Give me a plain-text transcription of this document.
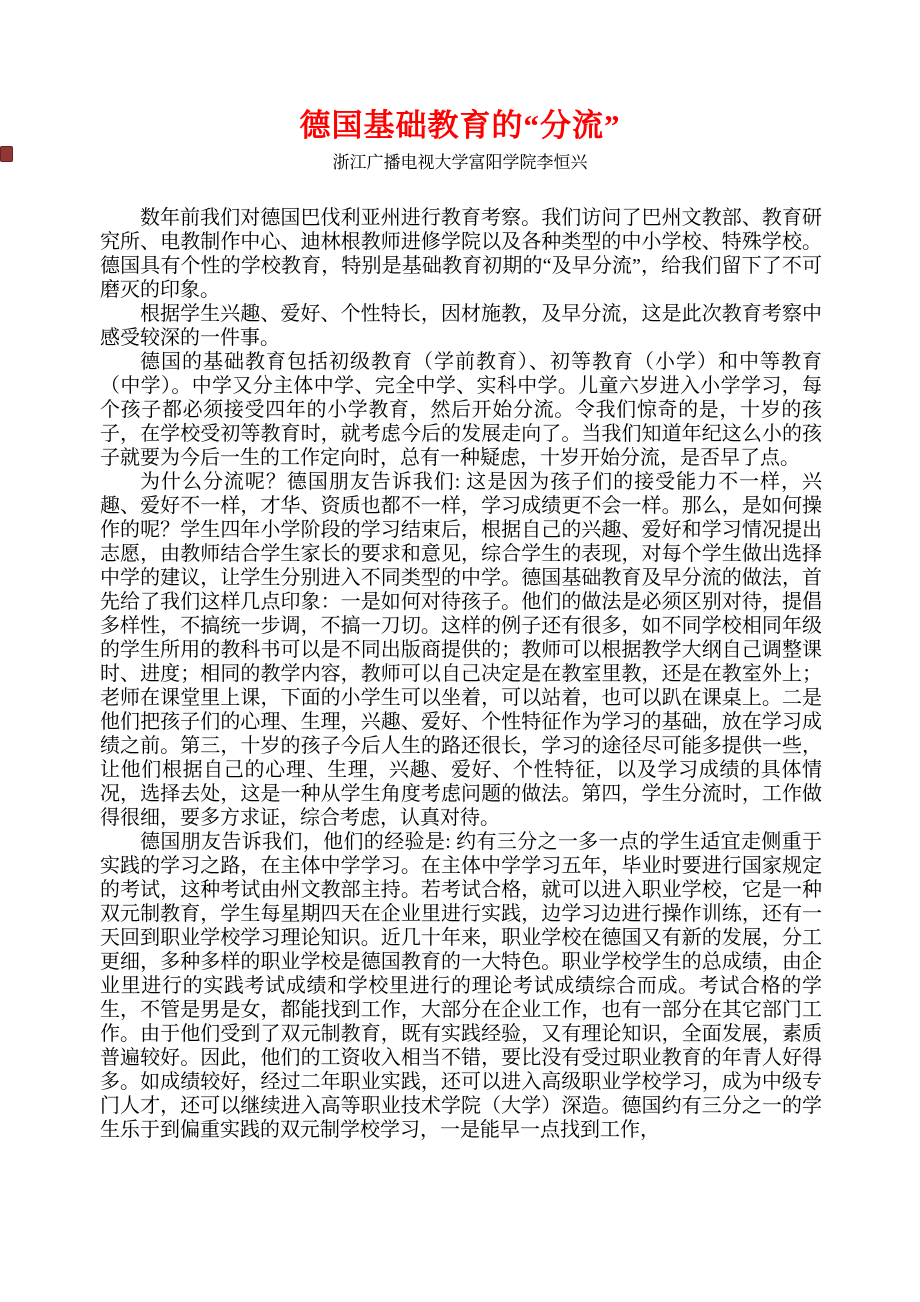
德国基础教育的“分流”
浙江广播电视大学富阳学院李恒兴

数年前我们对德国巴伐利亚州进行教育考察。我们访问了巴州文教部、教育研究所、电教制作中心、迪林根教师进修学院以及各种类型的中小学校、特殊学校。德国具有个性的学校教育，特别是基础教育初期的“及早分流”，给我们留下了不可磨灭的印象。

根据学生兴趣、爱好、个性特长，因材施教，及早分流，这是此次教育考察中感受较深的一件事。

德国的基础教育包括初级教育（学前教育）、初等教育（小学）和中等教育（中学）。中学又分主体中学、完全中学、实科中学。儿童六岁进入小学学习，每个孩子都必须接受四年的小学教育，然后开始分流。令我们惊奇的是，十岁的孩子，在学校受初等教育时，就考虑今后的发展走向了。当我们知道年纪这么小的孩子就要为今后一生的工作定向时，总有一种疑虑，十岁开始分流，是否早了点。

为什么分流呢？德国朋友告诉我们: 这是因为孩子们的接受能力不一样，兴趣、爱好不一样，才华、资质也都不一样，学习成绩更不会一样。那么，是如何操作的呢？学生四年小学阶段的学习结束后，根据自己的兴趣、爱好和学习情况提出志愿，由教师结合学生家长的要求和意见，综合学生的表现，对每个学生做出选择中学的建议，让学生分别进入不同类型的中学。德国基础教育及早分流的做法，首先给了我们这样几点印象：一是如何对待孩子。他们的做法是必须区别对待，提倡多样性，不搞统一步调，不搞一刀切。这样的例子还有很多，如不同学校相同年级的学生所用的教科书可以是不同出版商提供的；教师可以根据教学大纲自己调整课时、进度；相同的教学内容，教师可以自己决定是在教室里教，还是在教室外上；老师在课堂里上课，下面的小学生可以坐着，可以站着，也可以趴在课桌上。二是他们把孩子们的心理、生理，兴趣、爱好、个性特征作为学习的基础，放在学习成绩之前。第三，十岁的孩子今后人生的路还很长，学习的途径尽可能多提供一些，让他们根据自己的心理、生理，兴趣、爱好、个性特征，以及学习成绩的具体情况，选择去处，这是一种从学生角度考虑问题的做法。第四，学生分流时，工作做得很细，要多方求证，综合考虑，认真对待。

德国朋友告诉我们，他们的经验是: 约有三分之一多一点的学生适宜走侧重于实践的学习之路，在主体中学学习。在主体中学学习五年，毕业时要进行国家规定的考试，这种考试由州文教部主持。若考试合格，就可以进入职业学校，它是一种双元制教育，学生每星期四天在企业里进行实践，边学习边进行操作训练，还有一天回到职业学校学习理论知识。近几十年来，职业学校在德国又有新的发展，分工更细，多种多样的职业学校是德国教育的一大特色。职业学校学生的总成绩，由企业里进行的实践考试成绩和学校里进行的理论考试成绩综合而成。考试合格的学生，不管是男是女，都能找到工作，大部分在企业工作，也有一部分在其它部门工作。由于他们受到了双元制教育，既有实践经验，又有理论知识，全面发展，素质普遍较好。因此，他们的工资收入相当不错，要比没有受过职业教育的年青人好得多。如成绩较好，经过二年职业实践，还可以进入高级职业学校学习，成为中级专门人才，还可以继续进入高等职业技术学院（大学）深造。德国约有三分之一的学生乐于到偏重实践的双元制学校学习，一是能早一点找到工作，
